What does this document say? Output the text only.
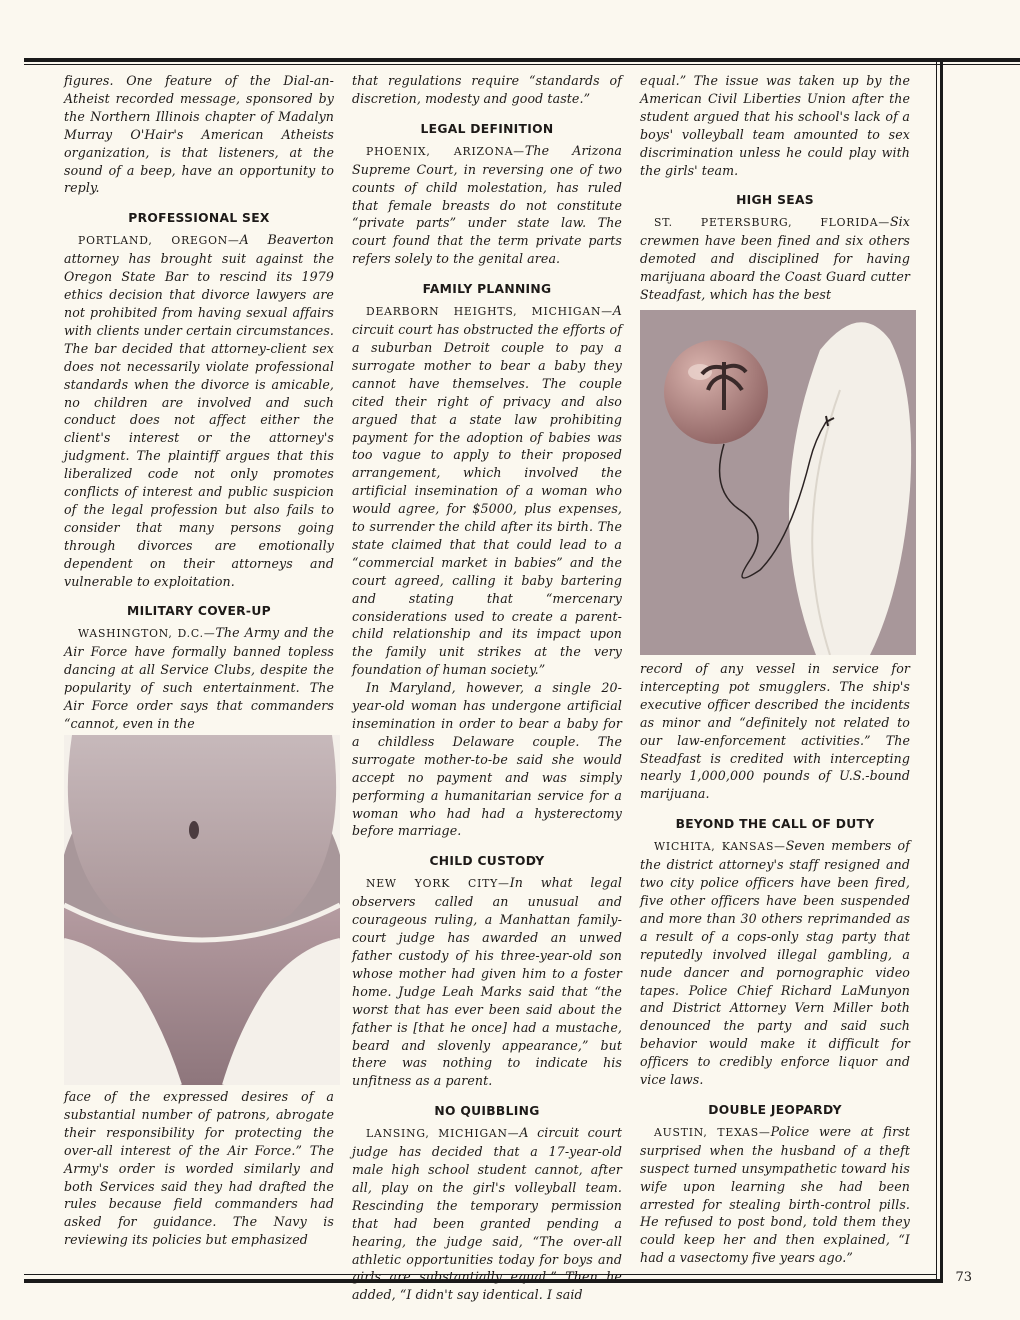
figures. One feature of the Dial-an-Atheist recorded message, sponsored by the Northern Illinois chapter of Madalyn Murray O'Hair's American Atheists organization, is that listeners, at the sound of a beep, have an opportunity to reply.

PROFESSIONAL SEX

PORTLAND, OREGON—A Beaverton attorney has brought suit against the Oregon State Bar to rescind its 1979 ethics decision that divorce lawyers are not prohibited from having sexual affairs with clients under certain circumstances. The bar decided that attorney-client sex does not necessarily violate professional standards when the divorce is amicable, no children are involved and such conduct does not affect either the client's interest or the attorney's judgment. The plaintiff argues that this liberalized code not only promotes conflicts of interest and public suspicion of the legal profession but also fails to consider that many persons going through divorces are emotionally dependent on their attorneys and vulnerable to exploitation.

MILITARY COVER-UP

WASHINGTON, D.C.—The Army and the Air Force have formally banned topless dancing at all Service Clubs, despite the popularity of such entertainment. The Air Force order says that commanders “cannot, even in the

face of the expressed desires of a substantial number of patrons, abrogate their responsibility for protecting the over-all interest of the Air Force.” The Army's order is worded similarly and both Services said they had drafted the rules because field commanders had asked for guidance. The Navy is reviewing its policies but emphasized

that regulations require “standards of discretion, modesty and good taste.”

LEGAL DEFINITION

PHOENIX, ARIZONA—The Arizona Supreme Court, in reversing one of two counts of child molestation, has ruled that female breasts do not constitute “private parts” under state law. The court found that the term private parts refers solely to the genital area.

FAMILY PLANNING

DEARBORN HEIGHTS, MICHIGAN—A circuit court has obstructed the efforts of a suburban Detroit couple to pay a surrogate mother to bear a baby they cannot have themselves. The couple cited their right of privacy and also argued that a state law prohibiting payment for the adoption of babies was too vague to apply to their proposed arrangement, which involved the artificial insemination of a woman who would agree, for $5000, plus expenses, to surrender the child after its birth. The state claimed that that could lead to a “commercial market in babies” and the court agreed, calling it baby bartering and stating that “mercenary considerations used to create a parent-child relationship and its impact upon the family unit strikes at the very foundation of human society.”

In Maryland, however, a single 20-year-old woman has undergone artificial insemination in order to bear a baby for a childless Delaware couple. The surrogate mother-to-be said she would accept no payment and was simply performing a humanitarian service for a woman who had had a hysterectomy before marriage.

CHILD CUSTODY

NEW YORK CITY—In what legal observers called an unusual and courageous ruling, a Manhattan family-court judge has awarded an unwed father custody of his three-year-old son whose mother had given him to a foster home. Judge Leah Marks said that “the worst that has ever been said about the father is [that he once] had a mustache, beard and slovenly appearance,” but there was nothing to indicate his unfitness as a parent.

NO QUIBBLING

LANSING, MICHIGAN—A circuit court judge has decided that a 17-year-old male high school student cannot, after all, play on the girl's volleyball team. Rescinding the temporary permission that had been granted pending a hearing, the judge said, “The over-all athletic opportunities today for boys and girls are substantially equal.” Then he added, “I didn't say identical. I said

equal.” The issue was taken up by the American Civil Liberties Union after the student argued that his school's lack of a boys' volleyball team amounted to sex discrimination unless he could play with the girls' team.

HIGH SEAS

ST. PETERSBURG, FLORIDA—Six crewmen have been fined and six others demoted and disciplined for having marijuana aboard the Coast Guard cutter Steadfast, which has the best

record of any vessel in service for intercepting pot smugglers. The ship's executive officer described the incidents as minor and “definitely not related to our law-enforcement activities.” The Steadfast is credited with intercepting nearly 1,000,000 pounds of U.S.-bound marijuana.

BEYOND THE CALL OF DUTY

WICHITA, KANSAS—Seven members of the district attorney's staff resigned and two city police officers have been fired, five other officers have been suspended and more than 30 others reprimanded as a result of a cops-only stag party that reputedly involved illegal gambling, a nude dancer and pornographic video tapes. Police Chief Richard LaMunyon and District Attorney Vern Miller both denounced the party and said such behavior would make it difficult for officers to credibly enforce liquor and vice laws.

DOUBLE JEOPARDY

AUSTIN, TEXAS—Police were at first surprised when the husband of a theft suspect turned unsympathetic toward his wife upon learning she had been arrested for stealing birth-control pills. He refused to post bond, told them they could keep her and then explained, “I had a vasectomy five years ago.”

73
